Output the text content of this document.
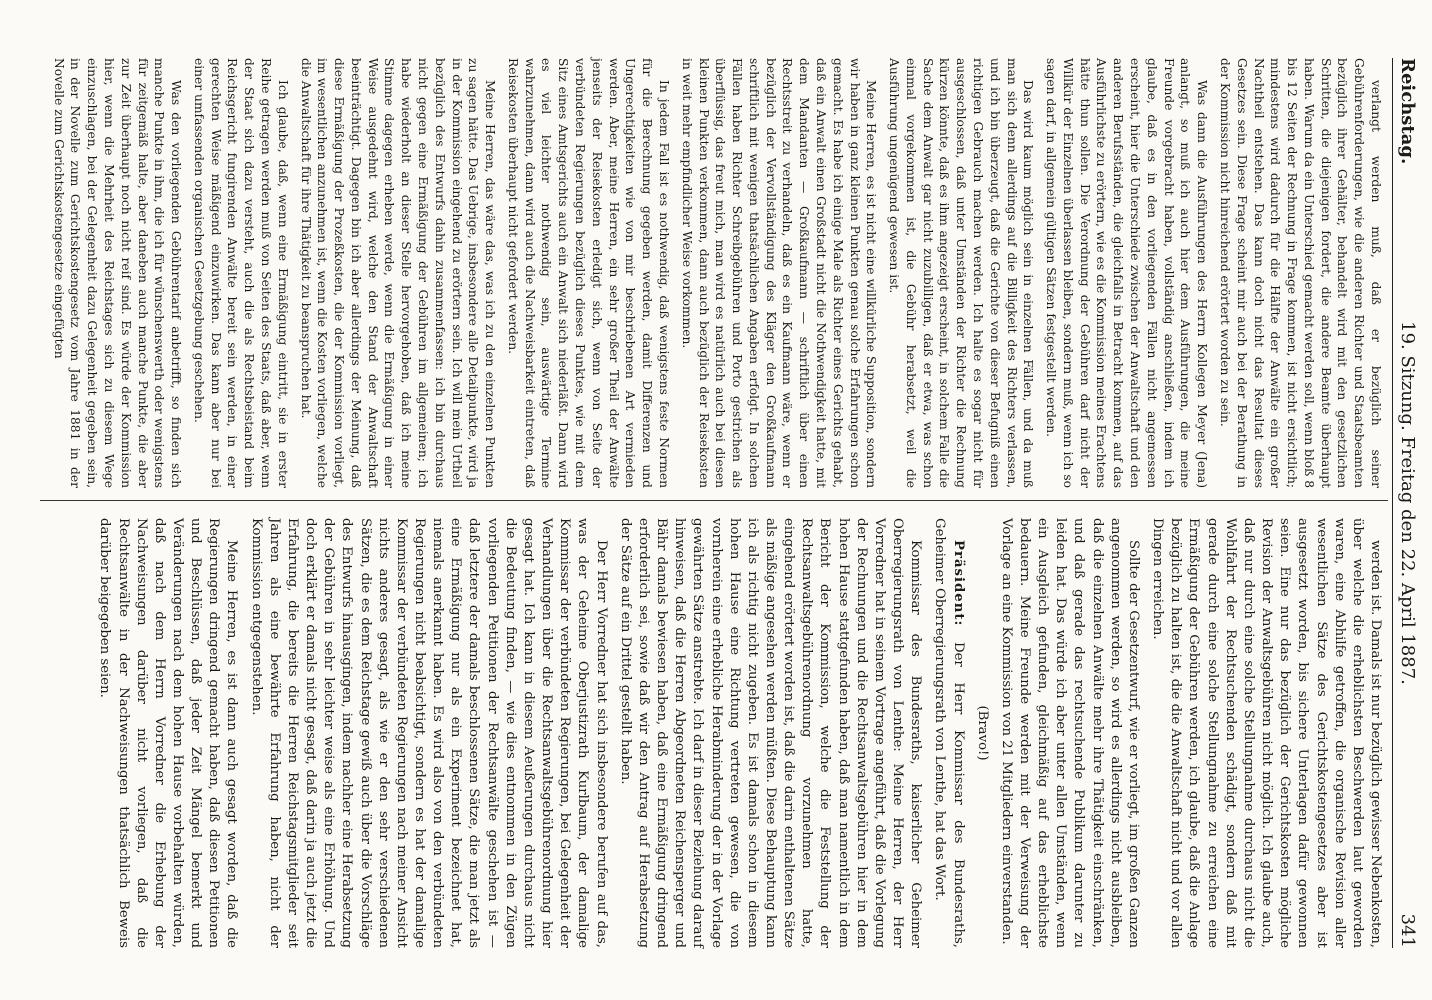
Reichstag.
19. Sitzung. Freitag den 22. April 1887.
341

verlangt werden muß, daß er bezüglich seiner Gebührenforderungen, wie die anderen Richter und Staatsbeamten bezüglich ihrer Gehälter, behandelt wird mit den gesetzlichen Schritten, die diejenigen fordert, die andere Beamte überhaupt haben. Warum da ein Unterschied gemacht werden soll, wenn bloß 8 bis 12 Seiten der Rechnung in Frage kommen, ist nicht ersichtlich; mindestens wird dadurch für die Hälfte der Anwälte ein großer Nachtheil entstehen. Das kann doch nicht das Resultat dieses Gesetzes sein. Diese Frage scheint mir auch bei der Berathung in der Kommission nicht hinreichend erörtert worden zu sein.

Was dann die Ausführungen des Herrn Kollegen Meyer (Jena) anlangt, so muß ich auch hier dem Ausführungen, die meine Freunde vorgebracht haben, vollständig anschließen, indem ich glaube, daß es in den vorliegenden Fällen nicht angemessen erscheint, hier die Unterschiede zwischen der Anwaltschaft und den anderen Berufsständen, die gleichfalls in Betracht kommen, auf das Ausführlichste zu erörtern, wie es die Kommission meines Erachtens hätte thun sollen. Die Verordnung der Gebühren darf nicht der Willkür der Einzelnen überlassen bleiben, sondern muß, wenn ich so sagen darf, in allgemein gültigen Sätzen festgestellt werden.

Das wird kaum möglich sein in einzelnen Fällen, und da muß man sich denn allerdings auf die Billigkeit des Richters verlassen, und ich bin überzeugt, daß die Gerichte von dieser Befugniß einen richtigen Gebrauch machen werden. Ich halte es sogar nicht für ausgeschlossen, daß unter Umständen der Richter die Rechnung kürzen könnte, daß es ihm angezeigt erscheint, in solchem Falle die Sache dem Anwalt gar nicht zuzubilligen, daß er etwa, was schon einmal vorgekommen ist, die Gebühr herabsetzt, weil die Ausführung ungenügend gewesen ist.

Meine Herren, es ist nicht eine willkürliche Supposition, sondern wir haben in ganz kleinen Punkten genau solche Erfahrungen schon gemacht. Es habe ich einige Male als Richter eines Gerichts gehabt, daß ein Anwalt einen Großstadt nicht die Nothwendigkeit hatte, mit dem Mandanten — Großkaufmann — schriftlich über einen Rechtsstreit zu verhandeln, daß es ein Kaufmann wäre, wenn er bezüglich der Vervollständigung des Kläger den Großkaufmann schriftlich mit wenigen thatsächlichen Angaben erfolgt. In solchen Fällen haben Richter Schreibgebühren und Porto gestrichen als überflüssig, das freut mich, man wird es natürlich auch bei diesen kleinen Punkten verkommen, dann auch bezüglich der Reisekosten in weit mehr empfindlicher Weise vorkommen.

In jedem Fall ist es nothwendig, daß wenigstens feste Normen für die Berechnung gegeben werden, damit Differenzen und Ungerechtigkeiten wie von mir beschriebenen Art vermieden werden. Aber, meine Herren, ein sehr großer Theil der Anwälte jenseits der Reisekosten erledigt sich, wenn von Seite der verbündeten Regierungen bezüglich dieses Punktes, wie mit dem Sitz eines Amtsgerichts auch ein Anwalt sich niederläßt. Dann wird es viel leichter nothwendig sein, auswärtige Termine wahrzunehmen, dann wird auch die Nachweisbarkeit eintreten, daß Reisekosten überhaupt nicht gefordert werden.

Meine Herren, das wäre das, was ich zu den einzelnen Punkten zu sagen hätte. Das Uebrige, insbesondere alle Detailpunkte, wird ja in der Kommission eingehend zu erörtern sein. Ich will mein Urtheil bezüglich des Entwurfs dahin zusammenfassen: ich bin durchaus nicht gegen eine Ermäßigung der Gebühren im allgemeinen; ich habe wiederholt an dieser Stelle hervorgehoben, daß ich meine Stimme dagegen erheben werde, wenn die Ermäßigung in einer Weise ausgedehnt wird, welche den Stand der Anwaltschaft beeinträchtigt. Dagegen bin ich aber allerdings der Meinung, daß diese Ermäßigung der Prozeßkosten, die der Kommission vorliegt, im wesentlichen anzunehmen ist, wenn die Kosten vorliegen, welche die Anwaltschaft für ihre Thätigkeit zu beanspruchen hat.

Ich glaube, daß, wenn eine Ermäßigung eintritt, sie in erster Reihe getragen werden muß von Seiten des Staats, daß aber, wenn der Staat sich dazu versteht, auch die als Rechtsbeistand beim Reichsgericht fungirenden Anwälte bereit sein werden, in einer gerechten Weise mäßigend einzuwirken. Das kann aber nur bei einer umfassenden organischen Gesetzgebung geschehen.

Was den vorliegenden Gebührentarif anbetrifft, so finden sich manche Punkte in ihm, die ich für wünschenswerth oder wenigstens für zeitgemäß halte, aber daneben auch manche Punkte, die aber zur Zeit überhaupt noch nicht reif sind. Es würde der Kommission hier, wenn die Mehrheit des Reichstages sich zu diesem Wege einzuschlagen, bei der Gelegenheit dazu Gelegenheit gegeben sein, in der Novelle zum Gerichtskostengesetz vom Jahre 1881 in der Novelle zum Gerichtskostengesetze eingefügten

werden ist. Damals ist nur bezüglich gewisser Nebenkosten, über welche die erheblichsten Beschwerden laut geworden waren, eine Abhilfe getroffen, die organische Revision aller wesentlichen Sätze des Gerichtskostengesetzes aber ist ausgesetzt worden, bis sichere Unterlagen dafür gewonnen seien. Eine nur das bezüglich der Gerichtskosten mögliche Revision der Anwaltsgebühren nicht möglich. Ich glaube auch, daß nur durch eine solche Stellungnahme durchaus nicht die Wohlfahrt der Rechtsuchenden schädigt, sondern daß mit gerade durch eine solche Stellungnahme zu erreichen eine Ermäßigung der Gebühren werden, ich glaube, daß die Anlage bezüglich zu halten ist, die die Anwaltschaft nicht und vor allen Dingen erreichen.

Sollte der Gesetzentwurf, wie er vorliegt, im großen Ganzen angenommen werden, so wird es allerdings nicht ausbleiben, daß die einzelnen Anwälte mehr ihre Thätigkeit einschränken, und daß gerade das rechtsuchende Publikum darunter zu leiden hat. Das würde ich aber unter allen Umständen, wenn ein Ausgleich gefunden, gleichmäßig auf das erheblichste bedauern. Meine Freunde werden mit der Verweisung der Vorlage an eine Kommission von 21 Mitgliedern einverstanden.

(Bravo!)

Präsident: Der Herr Kommissar des Bundesraths, Geheimer Oberregierungsrath von Lenthe, hat das Wort.

Kommissar des Bundesraths, kaiserlicher Geheimer Oberregierungsrath von Lenthe: Meine Herren, der Herr Vorredner hat in seinem Vortrage angeführt, daß die Vorlegung der Rechnungen und die Rechtsanwaltsgebühren hier in dem hohen Hause stattgefunden haben, daß man namentlich in dem Bericht der Kommission, welche die Feststellung der Rechtsanwaltsgebührenordnung vorzunehmen hatte, eingehend erörtert worden ist, daß die darin enthaltenen Sätze als mäßige angesehen werden müßten. Diese Behauptung kann ich als richtig nicht zugeben. Es ist damals schon in diesem hohen Hause eine Richtung vertreten gewesen, die von vornherein eine erhebliche Herabminderung der in der Vorlage gewährten Sätze anstrebte. Ich darf in dieser Beziehung darauf hinweisen, daß die Herren Abgeordneten Reichensperger und Bähr damals bewiesen haben, daß eine Ermäßigung dringend erforderlich sei, sowie daß wir den Antrag auf Herabsetzung der Sätze auf ein Drittel gestellt haben.

Der Herr Vorredner hat sich insbesondere berufen auf das, was der Geheime Oberjustizrath Kurlbaum, der damalige Kommissar der verbündeten Regierungen, bei Gelegenheit der Verhandlungen über die Rechtsanwaltsgebührenordnung hier gesagt hat. Ich kann in diesem Aeußerungen durchaus nicht die Bedeutung finden, — wie dies entnommen in den Zügen vorliegenden Petitionen der Rechtsanwälte geschehen ist — daß letztere der damals beschlossenen Sätze, die man jetzt als eine Ermäßigung nur als ein Experiment bezeichnet hat, niemals anerkannt haben. Es wird also von den verbündeten Regierungen nicht beabsichtigt, sondern es hat der damalige Kommissar der verbündeten Regierungen nach meiner Ansicht nichts anderes gesagt, als wie er den sehr verschiedenen Sätzen, die es dem Reichstage gewiß auch über die Vorschläge des Entwurfs hinausgingen, indem nachher eine Herabsetzung der Gebühren in sehr leichter weise als eine Erhöhung. Und doch erklärt er damals nicht gesagt, daß darin ja auch jetzt die Erfahrung, die bereits die Herren Reichstagsmitglieder seit Jahren als eine bewährte Erfahrung haben, nicht der Kommission entgegenstehen.

Meine Herren, es ist dann auch gesagt worden, daß die Regierungen dringend gemacht haben, daß diesen Petitionen und Beschlüssen, daß jeder Zeit Mängel bemerkt und Veränderungen nach dem hohen Hause vorbehalten würden, daß nach dem Herrn Vorredner die Erhebung der Nachweisungen darüber nicht vorliegen, daß die Rechtsanwälte in der Nachweisungen thatsächlich Beweis darüber beigegeben seien.
